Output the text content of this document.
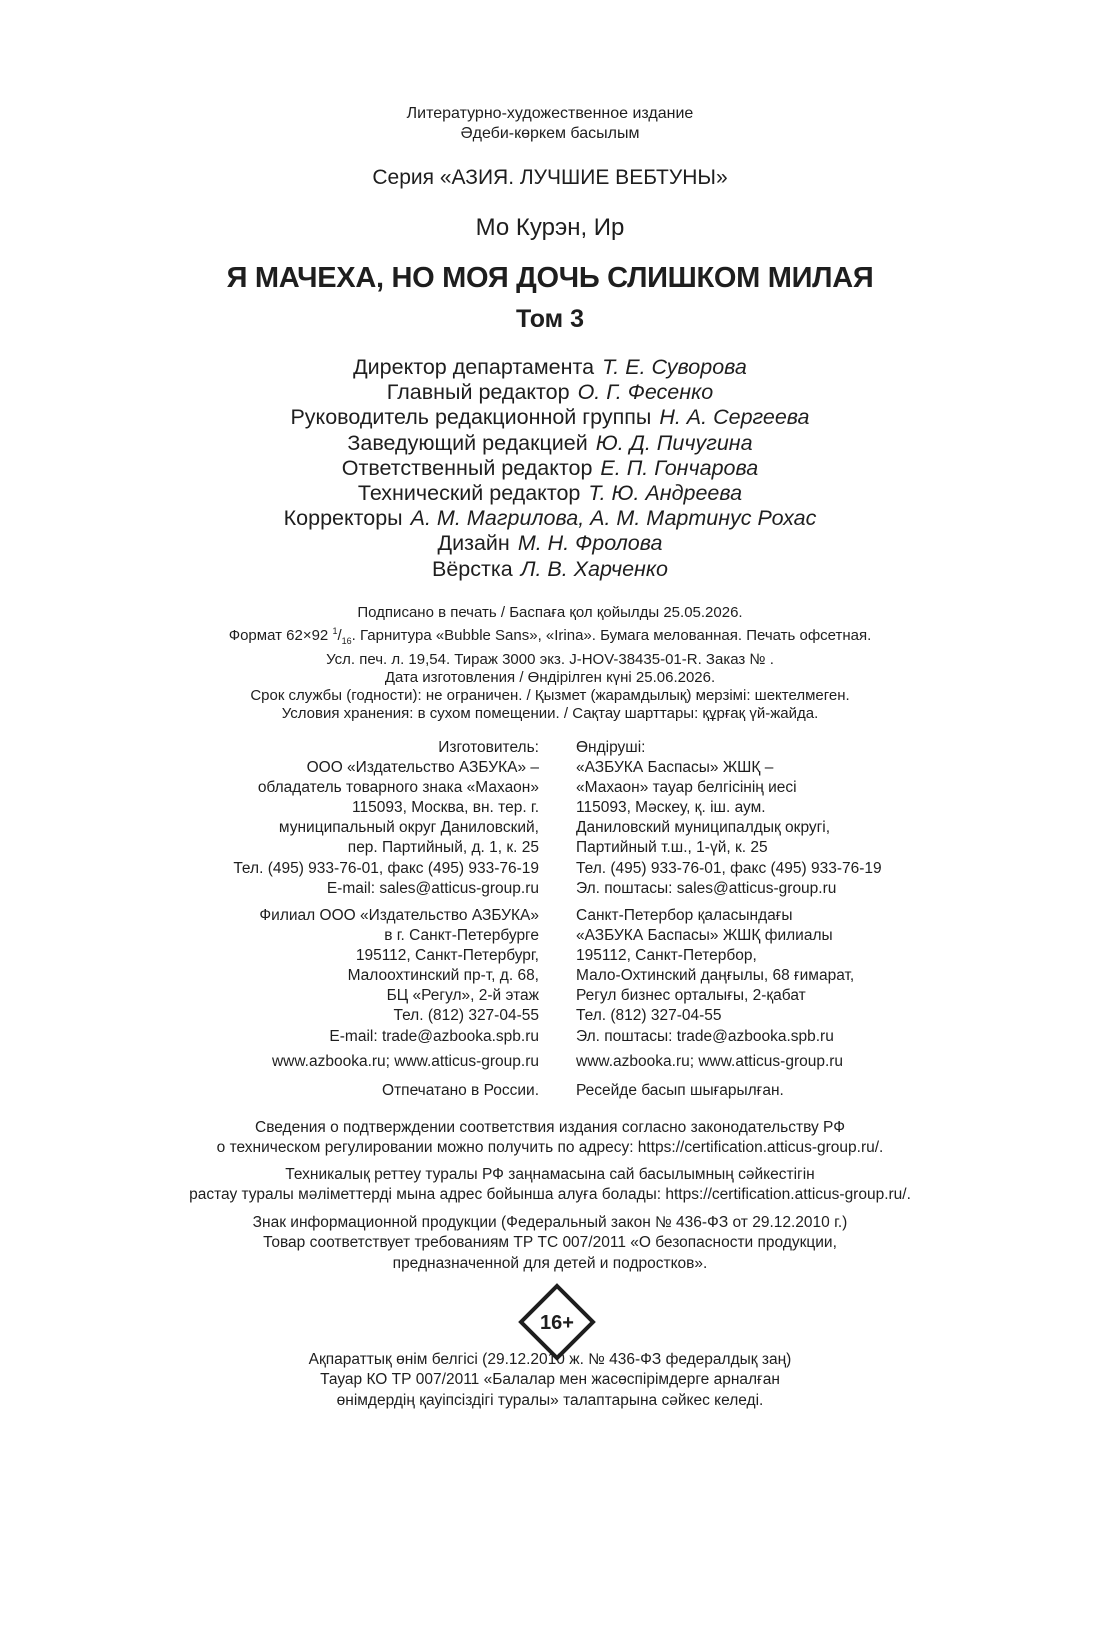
Литературно-художественное издание
Әдеби-көркем басылым
Серия «АЗИЯ. ЛУЧШИЕ ВЕБТУНЫ»
Мо Курэн, Ир
Я МАЧЕХА, НО МОЯ ДОЧЬ СЛИШКОМ МИЛАЯ
Том 3
Директор департамента Т. Е. Суворова
Главный редактор О. Г. Фесенко
Руководитель редакционной группы Н. А. Сергеева
Заведующий редакцией Ю. Д. Пичугина
Ответственный редактор Е. П. Гончарова
Технический редактор Т. Ю. Андреева
Корректоры А. М. Магрилова, А. М. Мартинус Рохас
Дизайн М. Н. Фролова
Вёрстка Л. В. Харченко
Подписано в печать / Баспаға қол қойылды 25.05.2026.
Формат 62×92 $^1/_{16}$. Гарнитура «Bubble Sans», «Irina». Бумага мелованная. Печать офсетная.
Усл. печ. л. 19,54. Тираж 3000 экз. J-HOV-38435-01-R. Заказ № .
Дата изготовления / Өндірілген күні 25.06.2026.
Срок службы (годности): не ограничен. / Қызмет (жарамдылық) мерзімі: шектелмеген.
Условия хранения: в сухом помещении. / Сақтау шарттары: құрғақ үй-жайда.
Изготовитель:
ООО «Издательство АЗБУКА» –
обладатель товарного знака «Махаон»
115093, Москва, вн. тер. г.
муниципальный округ Даниловский,
пер. Партийный, д. 1, к. 25
Тел. (495) 933-76-01, факс (495) 933-76-19
E-mail: sales@atticus-group.ru
Өндіруші:
«АЗБУКА Баспасы» ЖШҚ –
«Махаон» тауар белгісінің иесі
115093, Мәскеу, қ. іш. аум.
Даниловский муниципалдық округі,
Партийный т.ш., 1-үй, к. 25
Тел. (495) 933-76-01, факс (495) 933-76-19
Эл. поштасы: sales@atticus-group.ru
Филиал ООО «Издательство АЗБУКА»
в г. Санкт-Петербурге
195112, Санкт-Петербург,
Малоохтинский пр-т, д. 68,
БЦ «Регул», 2-й этаж
Тел. (812) 327-04-55
E-mail: trade@azbooka.spb.ru
Санкт-Петербор қаласындағы
«АЗБУКА Баспасы» ЖШҚ филиалы
195112, Санкт-Петербор,
Мало-Охтинский даңғылы, 68 ғимарат,
Регул бизнес орталығы, 2-қабат
Тел. (812) 327-04-55
Эл. поштасы: trade@azbooka.spb.ru
www.azbooka.ru; www.atticus-group.ru www.azbooka.ru; www.atticus-group.ru
Отпечатано в России. Ресейде басып шығарылған.
Сведения о подтверждении соответствия издания согласно законодательству РФ
о техническом регулировании можно получить по адресу: https://certification.atticus-group.ru/.
Техникалық реттеу туралы РФ заңнамасына сай басылымның сәйкестігін
растау туралы мәліметтерді мына адрес бойынша алуға болады: https://certification.atticus-group.ru/.
Знак информационной продукции (Федеральный закон № 436-ФЗ от 29.12.2010 г.)
Товар соответствует требованиям ТР ТС 007/2011 «О безопасности продукции,
предназначенной для детей и подростков».
16+
Ақпараттық өнім белгісі (29.12.2010 ж. № 436-ФЗ федералдық заң)
Тауар КО ТР 007/2011 «Балалар мен жасөспірімдерге арналған
өнімдердің қауіпсіздігі туралы» талаптарына сәйкес келеді.
